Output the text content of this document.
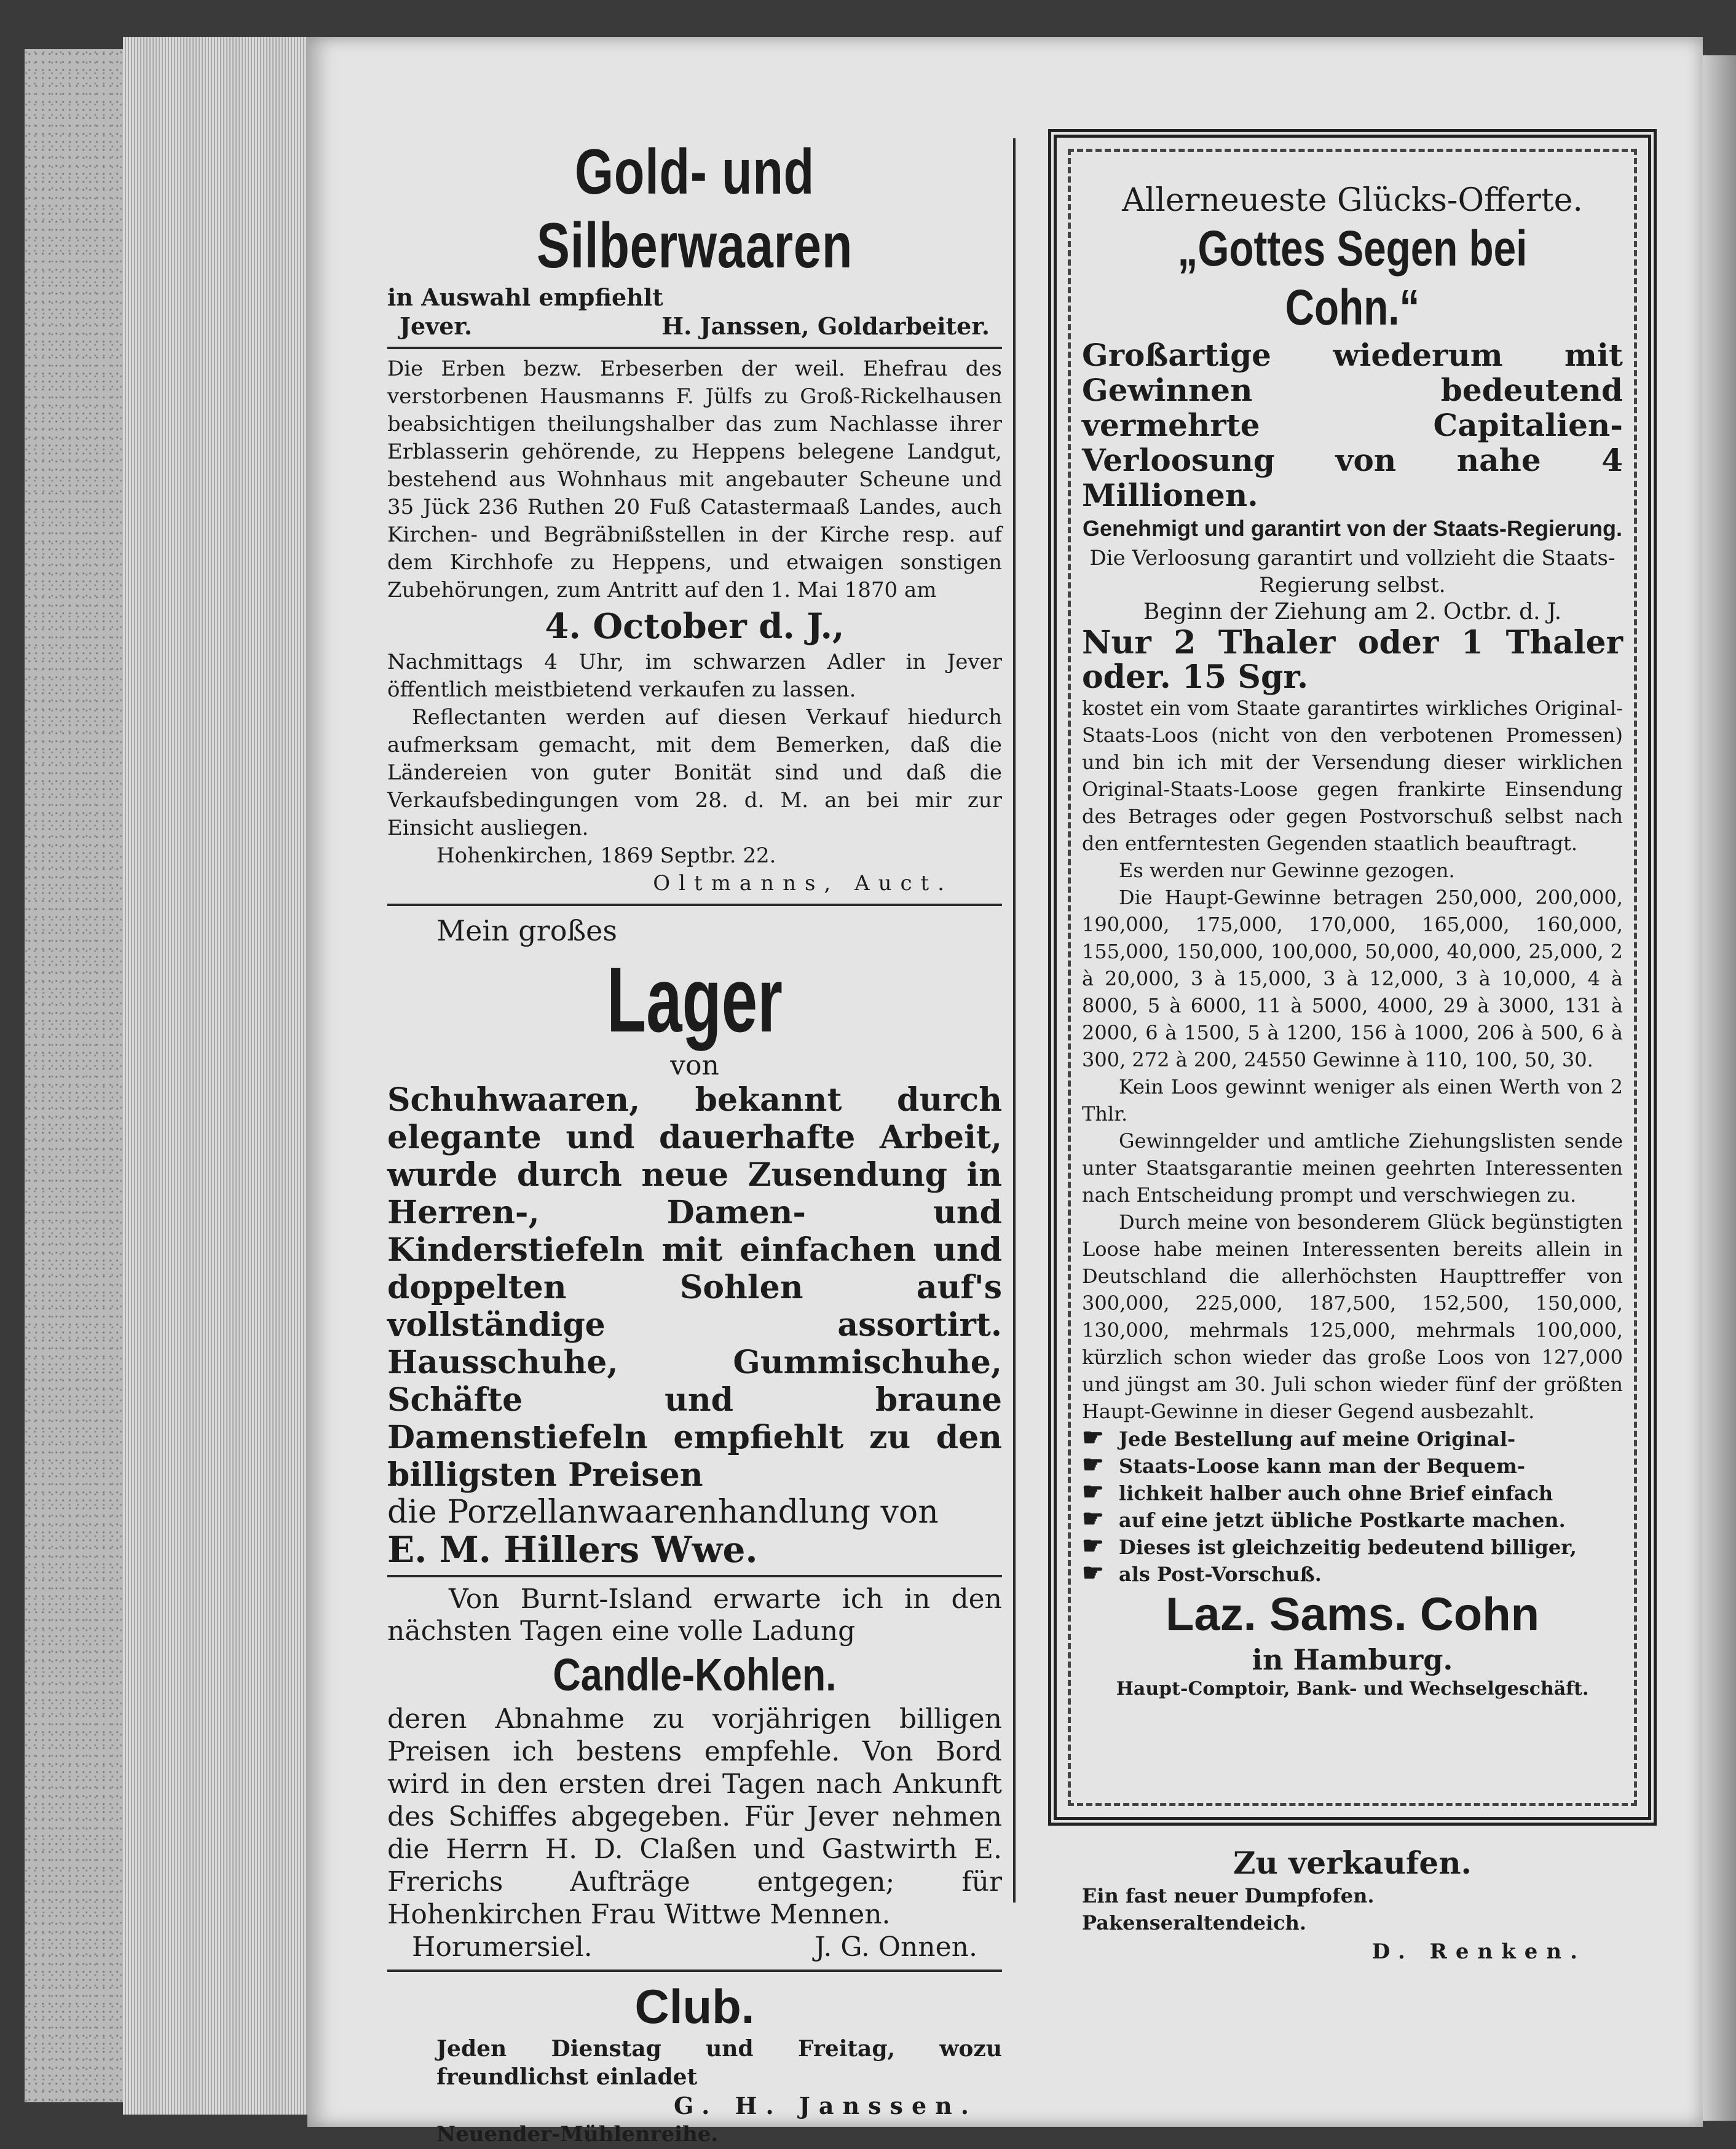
Gold- und Silberwaaren

in Auswahl empfiehlt

Jever.	H. Janssen, Goldarbeiter.

Die Erben bezw. Erbeserben der weil. Ehefrau des verstorbenen Hausmanns F. Jülfs zu Groß-Rickelhausen beabsichtigen theilungshalber das zum Nachlasse ihrer Erblasserin gehörende, zu Heppens belegene Landgut, bestehend aus Wohnhaus mit angebauter Scheune und 35 Jück 236 Ruthen 20 Fuß Catastermaaß Landes, auch Kirchen- und Begräbnißstellen in der Kirche resp. auf dem Kirchhofe zu Heppens, und etwaigen sonstigen Zubehörungen, zum Antritt auf den 1. Mai 1870 am

4. October d. J.,

Nachmittags 4 Uhr, im schwarzen Adler in Jever öffentlich meistbietend verkaufen zu lassen.

Reflectanten werden auf diesen Verkauf hiedurch aufmerksam gemacht, mit dem Bemerken, daß die Ländereien von guter Bonität sind und daß die Verkaufsbedingungen vom 28. d. M. an bei mir zur Einsicht ausliegen.

Hohenkirchen, 1869 Septbr. 22.

Oltmanns, Auct.

Mein großes

Lager

von

Schuhwaaren, bekannt durch elegante und dauerhafte Arbeit, wurde durch neue Zusendung in Herren-, Damen- und Kinderstiefeln mit einfachen und doppelten Sohlen auf's vollständige assortirt. Hausschuhe, Gummischuhe, Schäfte und braune Damenstiefeln empfiehlt zu den billigsten Preisen

die Porzellanwaarenhandlung von

E. M. Hillers Wwe.

Von Burnt-Island erwarte ich in den nächsten Tagen eine volle Ladung

Candle-Kohlen.

deren Abnahme zu vorjährigen billigen Preisen ich bestens empfehle. Von Bord wird in den ersten drei Tagen nach Ankunft des Schiffes abgegeben. Für Jever nehmen die Herrn H. D. Claßen und Gastwirth E. Frerichs Aufträge entgegen; für Hohenkirchen Frau Wittwe Mennen.

Horumersiel.	J. G. Onnen.

Club.

Jeden Dienstag und Freitag, wozu freundlichst einladet

G. H. Janssen.

Neuender-Mühlenreihe.

Allerneueste Glücks-Offerte.

„Gottes Segen bei Cohn.“

Großartige wiederum mit Gewinnen bedeutend vermehrte Capitalien-Verloosung von nahe 4 Millionen.

Genehmigt und garantirt von der Staats-Regierung.

Die Verloosung garantirt und vollzieht die Staats-Regierung selbst.

Beginn der Ziehung am 2. Octbr. d. J.

Nur 2 Thaler oder 1 Thaler oder. 15 Sgr.

kostet ein vom Staate garantirtes wirkliches Original-Staats-Loos (nicht von den verbotenen Promessen) und bin ich mit der Versendung dieser wirklichen Original-Staats-Loose gegen frankirte Einsendung des Betrages oder gegen Postvorschuß selbst nach den entferntesten Gegenden staatlich beauftragt.

Es werden nur Gewinne gezogen.

Die Haupt-Gewinne betragen 250,000, 200,000, 190,000, 175,000, 170,000, 165,000, 160,000, 155,000, 150,000, 100,000, 50,000, 40,000, 25,000, 2 à 20,000, 3 à 15,000, 3 à 12,000, 3 à 10,000, 4 à 8000, 5 à 6000, 11 à 5000, 4000, 29 à 3000, 131 à 2000, 6 à 1500, 5 à 1200, 156 à 1000, 206 à 500, 6 à 300, 272 à 200, 24550 Gewinne à 110, 100, 50, 30.

Kein Loos gewinnt weniger als einen Werth von 2 Thlr.

Gewinngelder und amtliche Ziehungslisten sende unter Staatsgarantie meinen geehrten Interessenten nach Entscheidung prompt und verschwiegen zu.

Durch meine von besonderem Glück begünstigten Loose habe meinen Interessenten bereits allein in Deutschland die allerhöchsten Haupttreffer von 300,000, 225,000, 187,500, 152,500, 150,000, 130,000, mehrmals 125,000, mehrmals 100,000, kürzlich schon wieder das große Loos von 127,000 und jüngst am 30. Juli schon wieder fünf der größten Haupt-Gewinne in dieser Gegend ausbezahlt.

☛ Jede Bestellung auf meine Original-

☛ Staats-Loose kann man der Bequem-

☛ lichkeit halber auch ohne Brief einfach

☛ auf eine jetzt übliche Postkarte machen.

☛ Dieses ist gleichzeitig bedeutend billiger,

☛ als Post-Vorschuß.

Laz. Sams. Cohn

in Hamburg.

Haupt-Comptoir, Bank- und Wechselgeschäft.

Zu verkaufen.

Ein fast neuer Dumpfofen.

Pakenseraltendeich.

D. Renken.
